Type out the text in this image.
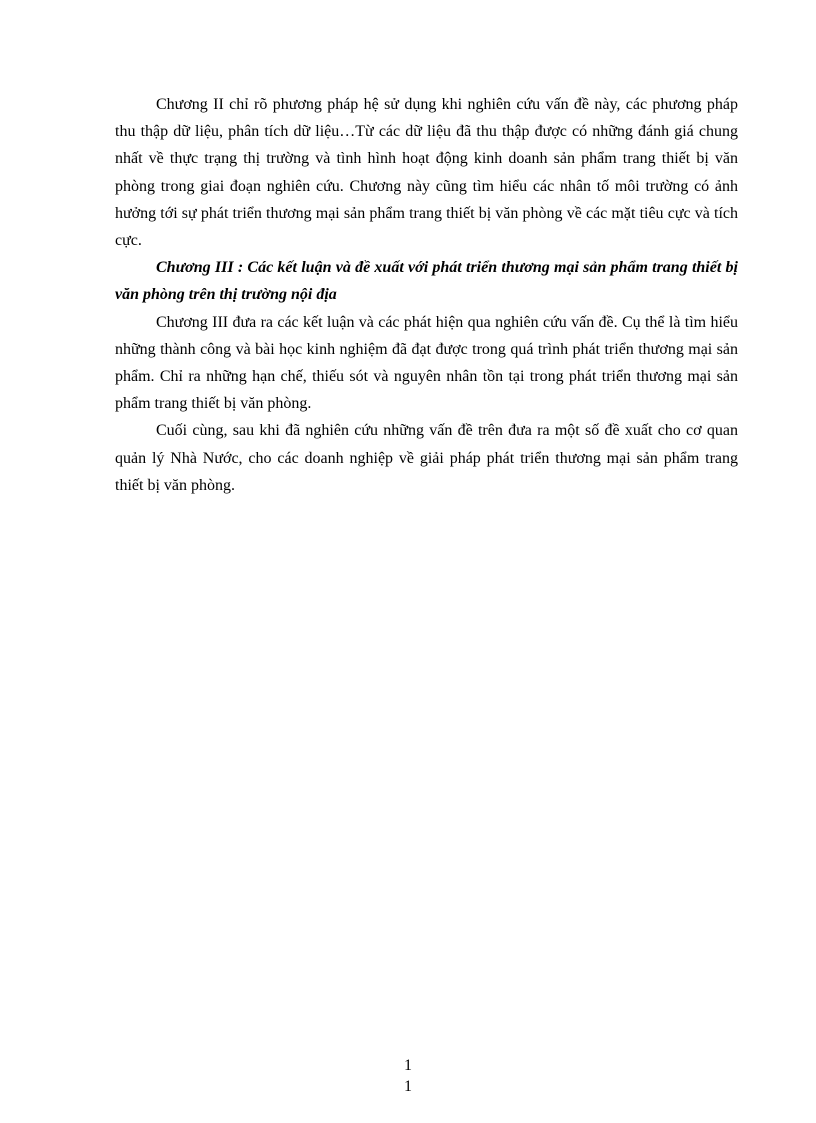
Chương II chỉ rõ phương pháp hệ sử dụng khi nghiên cứu vấn đề này, các phương pháp thu thập dữ liệu, phân tích dữ liệu…Từ các dữ liệu đã thu thập được có những đánh giá chung nhất về thực trạng thị trường và tình hình hoạt động kinh doanh sản phẩm trang thiết bị văn phòng trong giai đoạn nghiên cứu. Chương này cũng tìm hiểu các nhân tố môi trường có ảnh hưởng tới sự phát triển thương mại sản phẩm trang thiết bị văn phòng về các mặt tiêu cực và tích cực.

Chương III : Các kết luận và đề xuất với phát triển thương mại sản phẩm trang thiết bị văn phòng trên thị trường nội địa

Chương III đưa ra các kết luận và các phát hiện qua nghiên cứu vấn đề. Cụ thể là tìm hiểu những thành công và bài học kinh nghiệm đã đạt được trong quá trình phát triển thương mại sản phẩm. Chỉ ra những hạn chế, thiếu sót và nguyên nhân tồn tại trong phát triển thương mại sản phẩm trang thiết bị văn phòng.

Cuối cùng, sau khi đã nghiên cứu những vấn đề trên đưa ra một số đề xuất cho cơ quan quản lý Nhà Nước, cho các doanh nghiệp về giải pháp phát triển thương mại sản phẩm trang thiết bị văn phòng.

1
1
